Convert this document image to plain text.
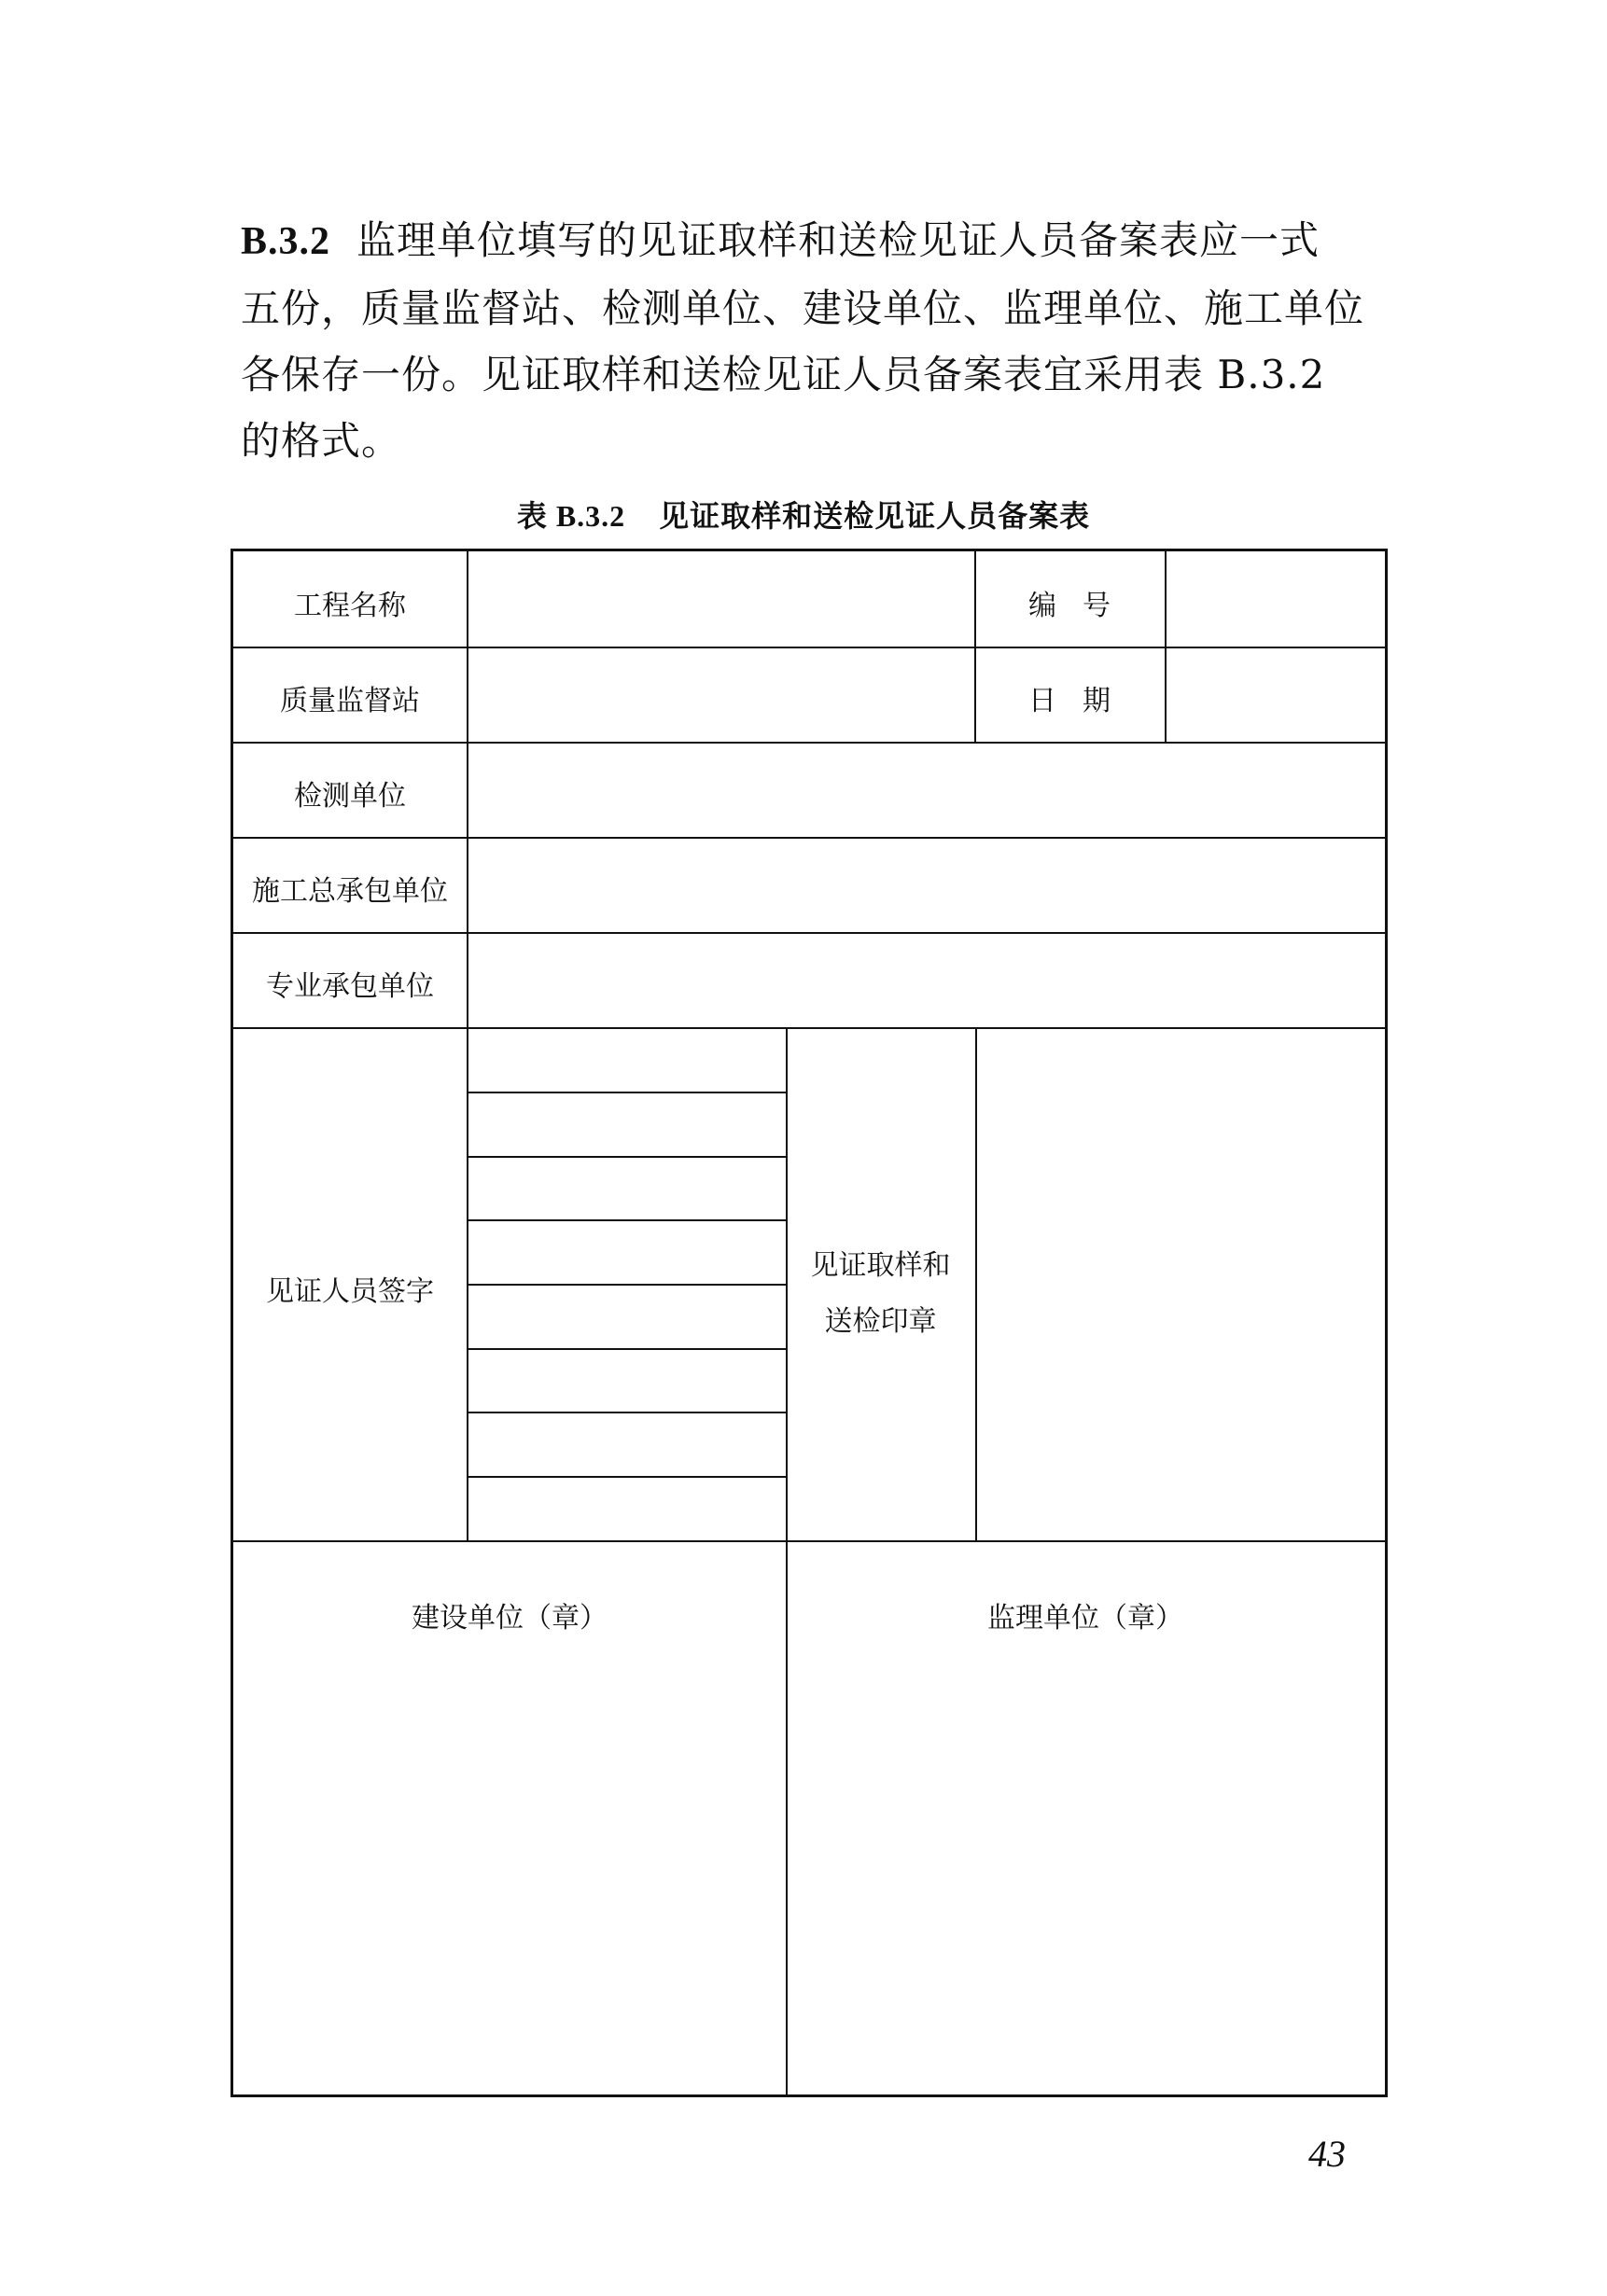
B.3.2 监理单位填写的见证取样和送检见证人员备案表应一式
五份，质量监督站、检测单位、建设单位、监理单位、施工单位
各保存一份。见证取样和送检见证人员备案表宜采用表 B.3.2
的格式。
表 B.3.2 见证取样和送检见证人员备案表
工程名称	编号
质量监督站	日期
检测单位
施工总承包单位
专业承包单位
见证人员签字
见证取样和
送检印章
建设单位（章）	监理单位（章）
43
